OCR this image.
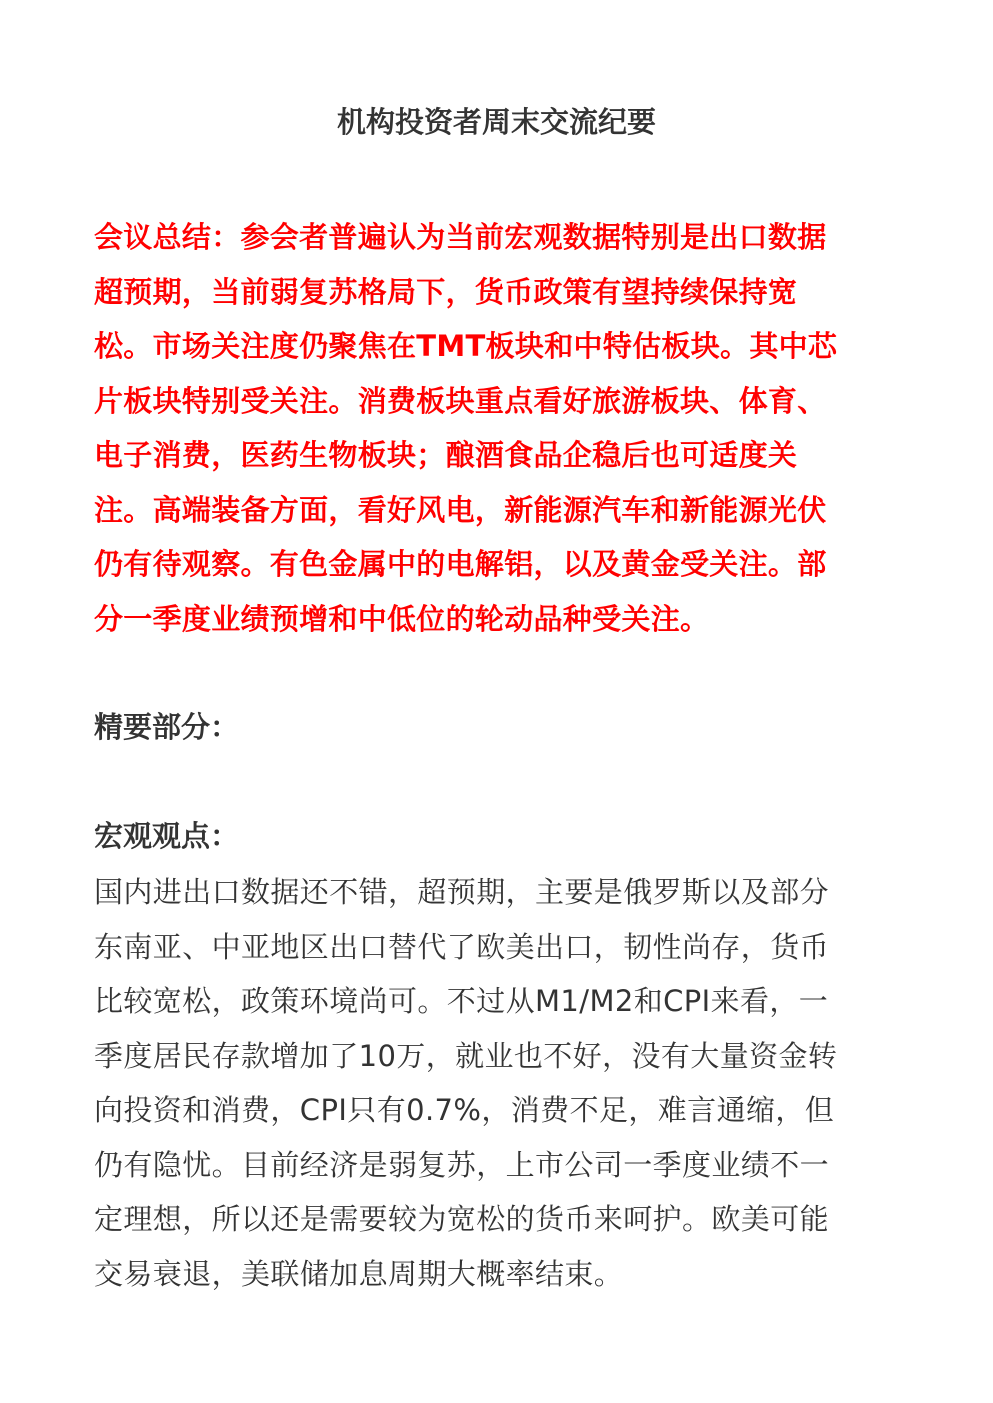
机构投资者周末交流纪要
会议总结：参会者普遍认为当前宏观数据特别是出口数据
超预期，当前弱复苏格局下，货币政策有望持续保持宽
松。市场关注度仍聚焦在TMT板块和中特估板块。其中芯
片板块特别受关注。消费板块重点看好旅游板块、体育、
电子消费，医药生物板块；酿酒食品企稳后也可适度关
注。高端装备方面，看好风电，新能源汽车和新能源光伏
仍有待观察。有色金属中的电解铝，以及黄金受关注。部
分一季度业绩预增和中低位的轮动品种受关注。
精要部分：
宏观观点：
国内进出口数据还不错，超预期，主要是俄罗斯以及部分
东南亚、中亚地区出口替代了欧美出口，韧性尚存，货币
比较宽松，政策环境尚可。不过从M1/M2和CPI来看，一
季度居民存款增加了10万，就业也不好，没有大量资金转
向投资和消费，CPI只有0.7%，消费不足，难言通缩，但
仍有隐忧。目前经济是弱复苏，上市公司一季度业绩不一
定理想，所以还是需要较为宽松的货币来呵护。欧美可能
交易衰退，美联储加息周期大概率结束。
